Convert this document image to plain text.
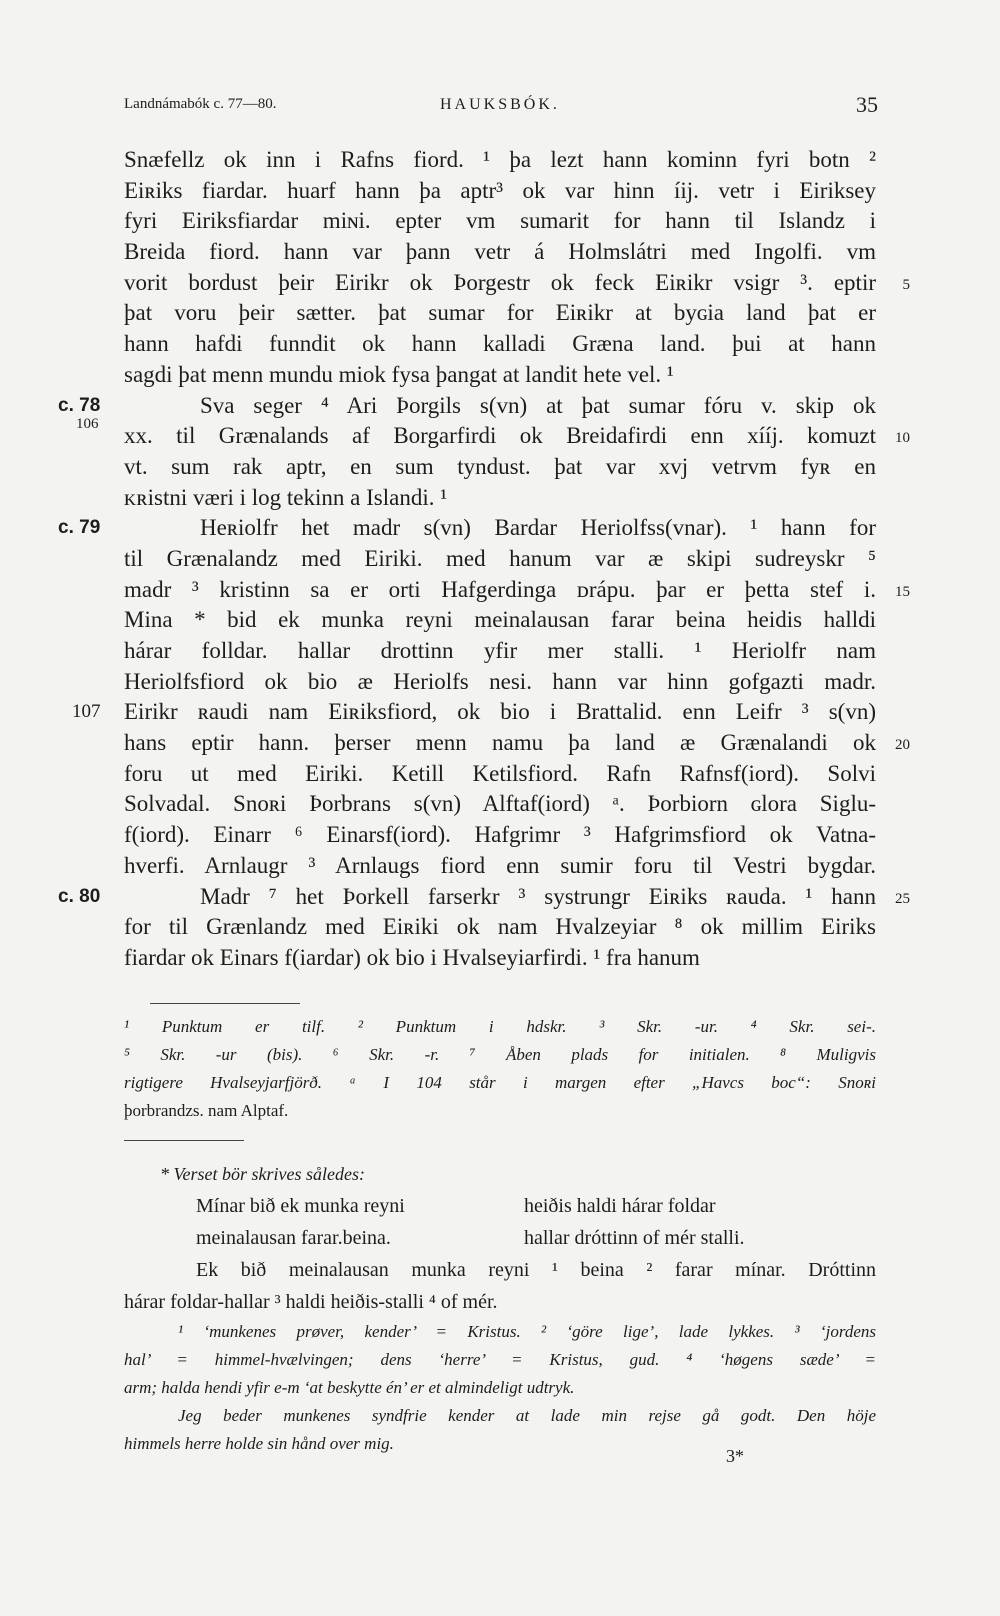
Landnámabók c. 77—80.	HAUKSBÓK.	35
Snæfellz ok inn i Rafns fiord. ¹ þa lezt hann kominn fyri botn ²
Eiʀiks fiardar. huarf hann þa aptr³ ok var hinn íij. vetr i Eiriksey
fyri Eiriksfiardar miɴi. epter vm sumarit for hann til Islandz i
Breida fiord. hann var þann vetr á Holmslátri med Ingolfi. vm
vorit bordust þeir Eirikr ok Þorgestr ok feck Eiʀikr vsigr ³. eptir 5
þat voru þeir sætter. þat sumar for Eiʀikr at byɢia land þat er
hann hafdi funndit ok hann kalladi Græna land. þui at hann
sagdi þat menn mundu miok fysa þangat at landit hete vel. ¹
Sva seger ⁴ Ari Þorgils s(vn) at þat sumar fóru v. skip ok
c. 78
xx. til Grænalands af Borgarfirdi ok Breidafirdi enn xííj. komuzt
106
10
vt. sum rak aptr, en sum tyndust. þat var xvj vetrvm fyʀ en
ᴋʀistni væri i log tekinn a Islandi. ¹
Heʀiolfr het madr s(vn) Bardar Heriolfss(vnar). ¹ hann for
c. 79
til Grænalandz med Eiriki. med hanum var æ skipi sudreyskr ⁵
madr ³ kristinn sa er orti Hafgerdinga ᴅrápu. þar er þetta stef i. 15
Mina * bid ek munka reyni meinalausan farar beina heidis halldi
hárar folldar. hallar drottinn yfir mer stalli. ¹ Heriolfr nam
Heriolfsfiord ok bio æ Heriolfs nesi. hann var hinn gofgazti madr.
Eirikr ʀaudi nam Eiʀiksfiord, ok bio i Brattalid. enn Leifr ³ s(vn)
107
hans eptir hann. þerser menn namu þa land æ Grænalandi ok 20
foru ut med Eiriki. Ketill Ketilsfiord. Rafn Rafnsf(iord). Solvi
Solvadal. Snoʀi Þorbrans s(vn) Alftaf(iord) ᵃ. Þorbiorn ɢlora Siglu-
f(iord). Einarr ⁶ Einarsf(iord). Hafgrimr ³ Hafgrimsfiord ok Vatna-
hverfi. Arnlaugr ³ Arnlaugs fiord enn sumir foru til Vestri bygdar.
Madr ⁷ het Þorkell farserkr ³ systrungr Eiʀiks ʀauda. ¹ hann
c. 80	25
for til Grænlandz med Eiʀiki ok nam Hvalzeyiar ⁸ ok millim Eiriks
fiardar ok Einars f(iardar) ok bio i Hvalseyiarfirdi. ¹ fra hanum
¹ Punktum er tilf. ² Punktum i hdskr. ³ Skr. -ur. ⁴ Skr. sei-.
⁵ Skr. -ur (bis). ⁶ Skr. -r. ⁷ Åben plads for initialen. ⁸ Muligvis
rigtigere Hvalseyjarfjörð. ᵃ I 104 står i margen efter „Havcs boc“: Snoʀi
þorbrandzs. nam Alptaf.
* Verset bör skrives således:
Mínar bið ek munka reyni	heiðis haldi hárar foldar
meinalausan farar.beina.	hallar dróttinn of mér stalli.
Ek bið meinalausan munka reyni ¹ beina ² farar mínar. Dróttinn
hárar foldar-hallar ³ haldi heiðis-stalli ⁴ of mér.
¹ ‘munkenes prøver, kender’ = Kristus. ² ‘göre lige’, lade lykkes. ³ ‘jordens
hal’ = himmel-hvælvingen; dens ‘herre’ = Kristus, gud. ⁴ ‘høgens sæde’ =
arm; halda hendi yfir e-m ‘at beskytte én’ er et almindeligt udtryk.
Jeg beder munkenes syndfrie kender at lade min rejse gå godt. Den höje
himmels herre holde sin hånd over mig.
3*
